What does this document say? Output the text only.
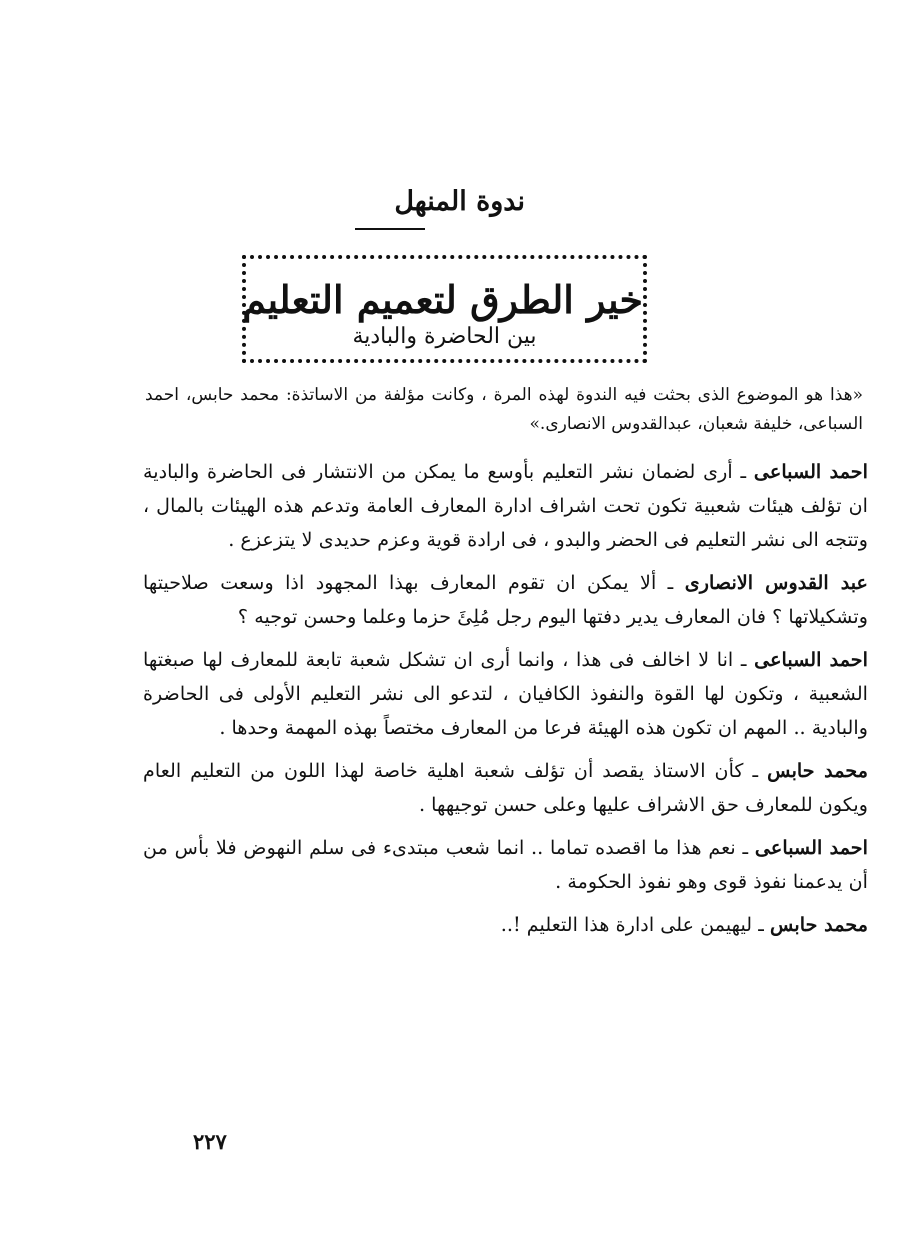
ندوة المنهل
خير الطرق لتعميم التعليم
بين الحاضرة والبادية
«هذا هو الموضوع الذى بحثت فيه الندوة لهذه المرة ، وكانت مؤلفة من الاساتذة: محمد حابس، احمد السباعى، خليفة شعبان، عبدالقدوس الانصارى.»

احمد السباعى ـ أرى لضمان نشر التعليم بأوسع ما يمكن من الانتشار فى الحاضرة والبادية ان تؤلف هيئات شعبية تكون تحت اشراف ادارة المعارف العامة وتدعم هذه الهيئات بالمال ، وتتجه الى نشر التعليم فى الحضر والبدو ، فى ارادة قوية وعزم حديدى لا يتزعزع .

عبد القدوس الانصارى ـ ألا يمكن ان تقوم المعارف بهذا المجهود اذا وسعت صلاحيتها وتشكيلاتها ؟ فان المعارف يدير دفتها اليوم رجل مُلِئَ حزما وعلما وحسن توجيه ؟

احمد السباعى ـ انا لا اخالف فى هذا ، وانما أرى ان تشكل شعبة تابعة للمعارف لها صبغتها الشعبية ، وتكون لها القوة والنفوذ الكافيان ، لتدعو الى نشر التعليم الأولى فى الحاضرة والبادية .. المهم ان تكون هذه الهيئة فرعا من المعارف مختصاً بهذه المهمة وحدها .

محمد حابس ـ كأن الاستاذ يقصد أن تؤلف شعبة اهلية خاصة لهذا اللون من التعليم العام ويكون للمعارف حق الاشراف عليها وعلى حسن توجيهها .

احمد السباعى ـ نعم هذا ما اقصده تماما .. انما شعب مبتدىء فى سلم النهوض فلا بأس من أن يدعمنا نفوذ قوى وهو نفوذ الحكومة .

محمد حابس ـ ليهيمن على ادارة هذا التعليم !..

٢٢٧
